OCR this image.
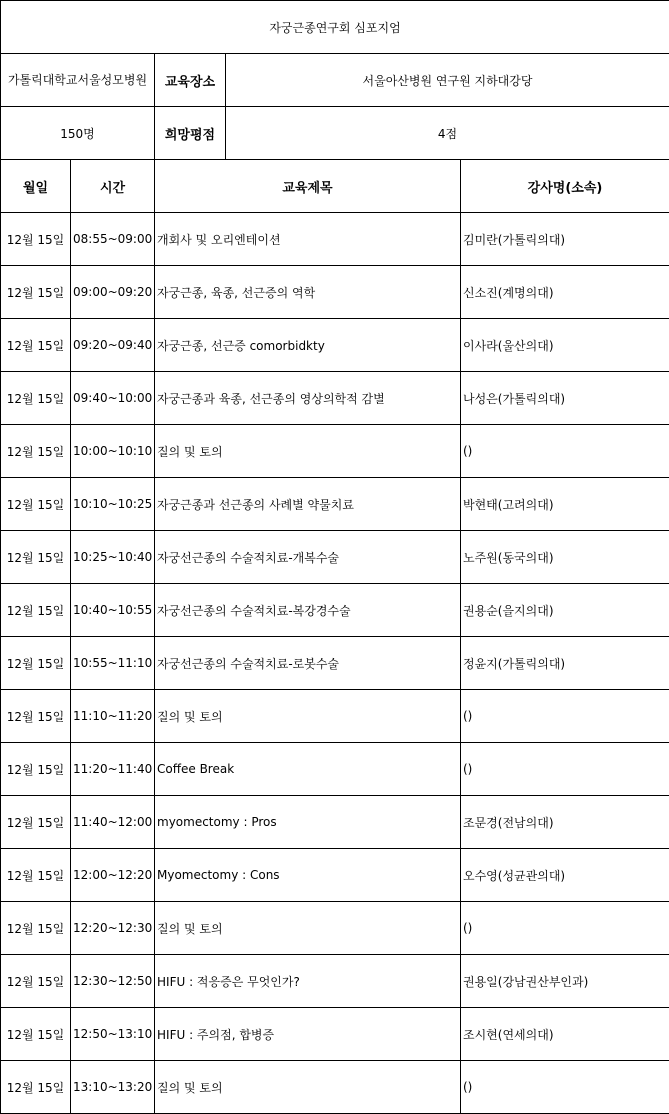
자궁근종연구회 심포지엄				
가톨릭대학교서울성모병원		교육장소	서울아산병원 연구원 지하대강당	
150명		희망평점	4점	
월일	시간	교육제목		강사명(소속)
12월 15일	08:55~09:00	개회사 및 오리엔테이션		김미란(가톨릭의대)
12월 15일	09:00~09:20	자궁근종, 육종, 선근증의 역학		신소진(계명의대)
12월 15일	09:20~09:40	자궁근종, 선근증 comorbidkty		이사라(울산의대)
12월 15일	09:40~10:00	자궁근종과 육종, 선근종의 영상의학적 감별		나성은(가톨릭의대)
12월 15일	10:00~10:10	질의 및 토의		()
12월 15일	10:10~10:25	자궁근종과 선근종의 사례별 약물치료		박현태(고려의대)
12월 15일	10:25~10:40	자궁선근종의 수술적치료-개복수술		노주원(동국의대)
12월 15일	10:40~10:55	자궁선근종의 수술적치료-복강경수술		권용순(을지의대)
12월 15일	10:55~11:10	자궁선근종의 수술적치료-로봇수술		정윤지(가톨릭의대)
12월 15일	11:10~11:20	질의 및 토의		()
12월 15일	11:20~11:40	Coffee Break		()
12월 15일	11:40~12:00	myomectomy : Pros		조문경(전남의대)
12월 15일	12:00~12:20	Myomectomy : Cons		오수영(성균관의대)
12월 15일	12:20~12:30	질의 및 토의		()
12월 15일	12:30~12:50	HIFU : 적응증은 무엇인가?		권용일(강남권산부인과)
12월 15일	12:50~13:10	HIFU : 주의점, 합병증		조시현(연세의대)
12월 15일	13:10~13:20	질의 및 토의		()
